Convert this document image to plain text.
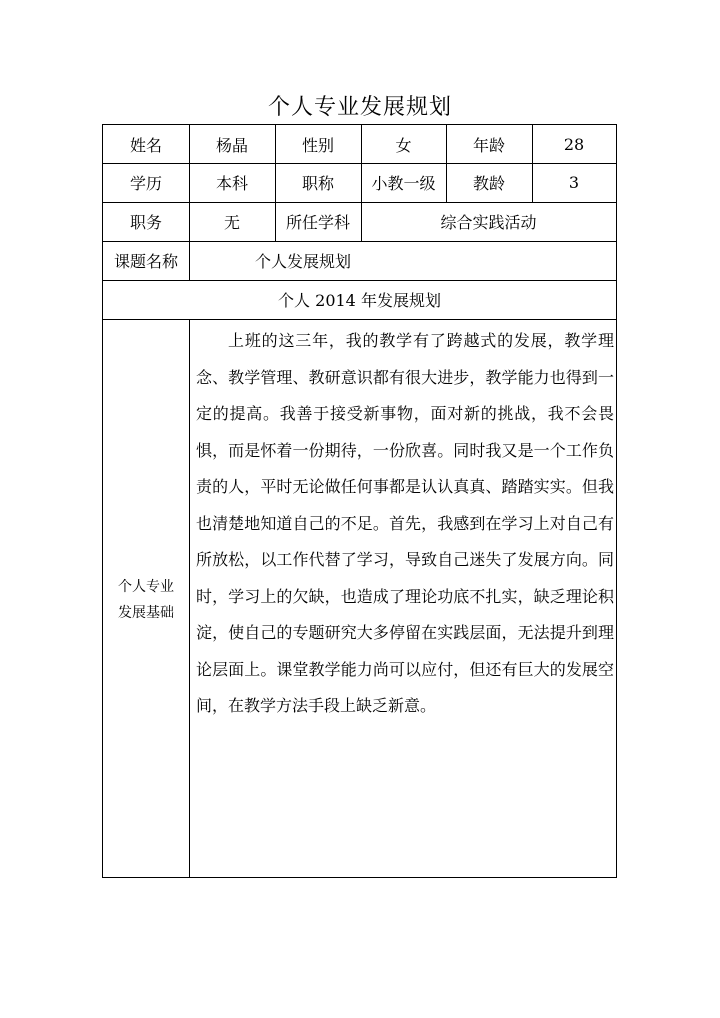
个人专业发展规划
姓名	杨晶	性别	女	年龄	28
学历	本科	职称	小教一级	教龄	3
职务	无	所任学科	综合实践活动
课题名称	个人发展规划
个人 2014 年发展规划
个人专业
发展基础

上班的这三年，我的教学有了跨越式的发展，教学理念、教学管理、教研意识都有很大进步，教学能力也得到一定的提高。我善于接受新事物，面对新的挑战，我不会畏惧，而是怀着一份期待，一份欣喜。同时我又是一个工作负责的人，平时无论做任何事都是认认真真、踏踏实实。但我也清楚地知道自己的不足。首先，我感到在学习上对自己有所放松，以工作代替了学习，导致自己迷失了发展方向。同时，学习上的欠缺，也造成了理论功底不扎实，缺乏理论积淀，使自己的专题研究大多停留在实践层面，无法提升到理论层面上。课堂教学能力尚可以应付，但还有巨大的发展空间，在教学方法手段上缺乏新意。
